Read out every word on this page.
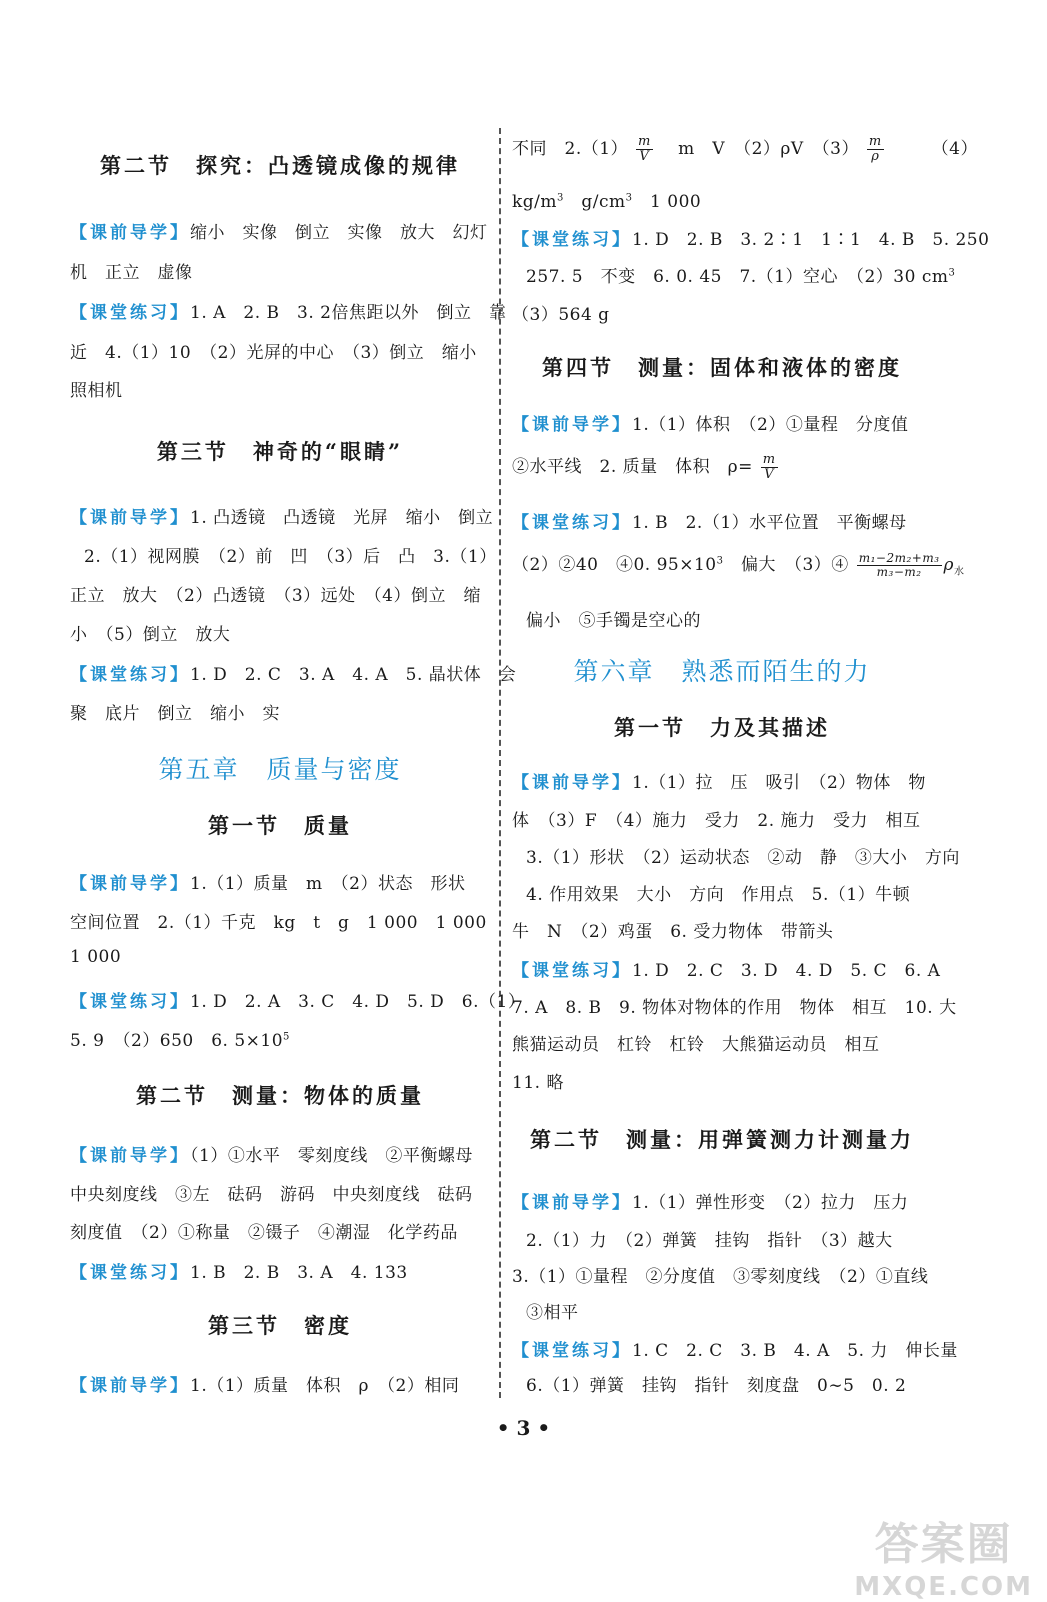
第二节　探究：凸透镜成像的规律
【课前导学】缩小　实像　倒立　实像　放大　幻灯
机　正立　虚像
【课堂练习】1. A　2. B　3. 2倍焦距以外　倒立　靠
近　4.（1）10　（2）光屏的中心　（3）倒立　缩小
照相机
第三节　神奇的“眼睛”
【课前导学】1. 凸透镜　凸透镜　光屏　缩小　倒立
2.（1）视网膜　（2）前　凹　（3）后　凸　3.（1）
正立　放大　（2）凸透镜　（3）远处　（4）倒立　缩
小　（5）倒立　放大
【课堂练习】1. D　2. C　3. A　4. A　5. 晶状体　会
聚　底片　倒立　缩小　实
第五章　质量与密度
第一节　质量
【课前导学】1.（1）质量　m　（2）状态　形状
空间位置　2.（1）千克　kg　t　g　1 000　1 000
1 000
【课堂练习】1. D　2. A　3. C　4. D　5. D　6.（1）
5. 9　（2）650　6. $5\times 10^5$
第二节　测量：物体的质量
【课前导学】（1）①水平　零刻度线　②平衡螺母
中央刻度线　③左　砝码　游码　中央刻度线　砝码
刻度值　（2）①称量　②镊子　④潮湿　化学药品
【课堂练习】1. B　2. B　3. A　4. 133
第三节　密度
【课前导学】1.（1）质量　体积　ρ　（2）相同
不同　$2.(1) \frac{m}{V}$ 　m　V　（2）ρV　$(3) \frac{m}{\rho}$	（4）
$kg/m^3$　$g/cm^3$　1 000
【课堂练习】1. D　2. B　3. 2∶1　1∶1　4. B　5. 250
257. 5　不变　6. 0. 45　7.（1）空心　（2）30 $cm^3$
（3）564 g
第四节　测量：固体和液体的密度
【课前导学】1.（1）体积　（2）①量程　分度值
②水平线　2. 质量　体积　$\rho= \frac{m}{V}$
【课堂练习】1. B　2.（1）水平位置　平衡螺母
（2）②40　④0. $95\times 10^3$　偏大　（3）④ $\frac{\text{m₁−2m₂+m₃}}{\text{m₃−m₂}} \rho_水$
偏小　⑤手镯是空心的
第六章　熟悉而陌生的力
第一节　力及其描述
【课前导学】1.（1）拉　压　吸引　（2）物体　物
体　（3）F　（4）施力　受力　2. 施力　受力　相互
3.（1）形状　（2）运动状态　②动　静　③大小　方向
4. 作用效果　大小　方向　作用点　5.（1）牛顿
牛　N　（2）鸡蛋　6. 受力物体　带箭头
【课堂练习】1. D　2. C　3. D　4. D　5. C　6. A
7. A　8. B　9. 物体对物体的作用　物体　相互　10. 大
熊猫运动员　杠铃　杠铃　大熊猫运动员　相互
11. 略
第二节　测量：用弹簧测力计测量力
【课前导学】1.（1）弹性形变　（2）拉力　压力
2.（1）力　（2）弹簧　挂钩　指针　（3）越大
3.（1）①量程　②分度值　③零刻度线　（2）①直线
③相平
【课堂练习】1. C　2. C　3. B　4. A　5. 力　伸长量
6.（1）弹簧　挂钩　指针　刻度盘　0∼5　0. 2
• 3 •
答案圈
MXQE.COM
